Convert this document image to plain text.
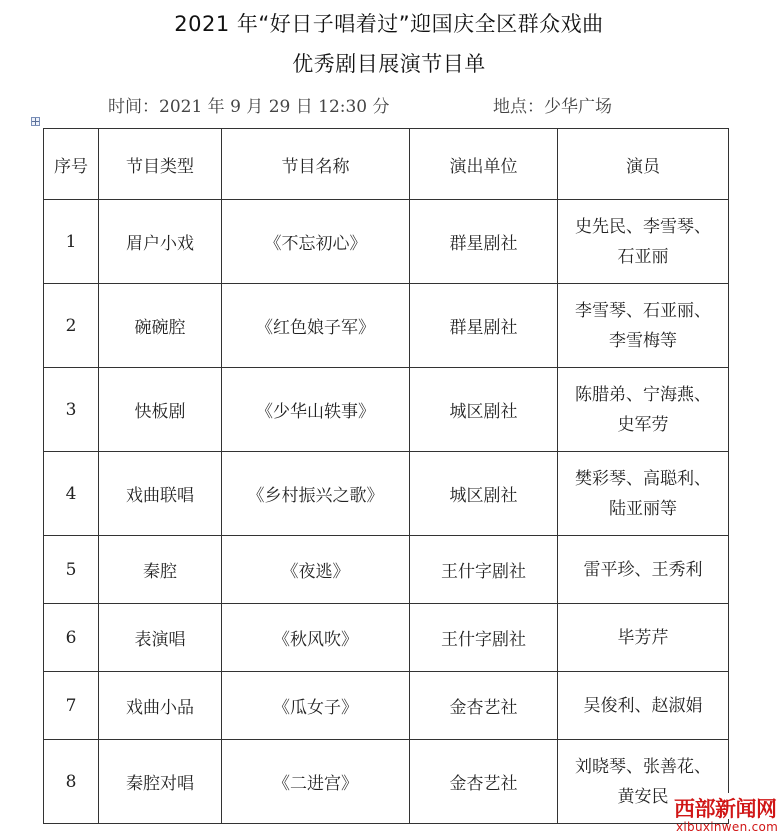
2021 年“好日子唱着过”迎国庆全区群众戏曲
优秀剧目展演节目单
时间：2021 年 9 月 29 日 12:30 分	地点：少华广场
序号	节目类型	节目名称	演出单位	演员
1	眉户小戏	《不忘初心》	群星剧社	史先民、李雪琴、
石亚丽

2	碗碗腔	《红色娘子军》	群星剧社	李雪琴、石亚丽、
李雪梅等

3	快板剧	《少华山轶事》	城区剧社	陈腊弟、宁海燕、
史军劳

4	戏曲联唱	《乡村振兴之歌》	城区剧社	樊彩琴、高聪利、
陆亚丽等

5	秦腔	《夜逃》	王什字剧社	雷平珍、王秀利

6	表演唱	《秋风吹》	王什字剧社	毕芳芹

7	戏曲小品	《瓜女子》	金杏艺社	吴俊利、赵淑娟

8	秦腔对唱	《二进宫》	金杏艺社	刘晓琴、张善花、
黄安民 西部新闻网
xibuxinwen.com
